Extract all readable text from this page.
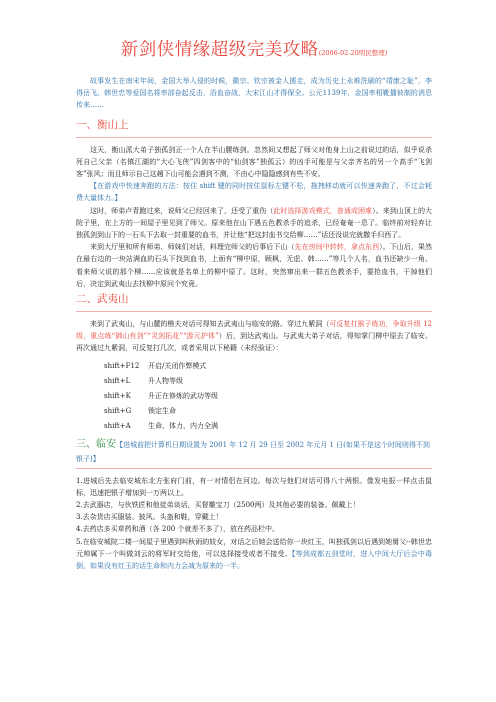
新剑侠情缘超级完美攻略(2006-02-20明民整理)

故事发生在南宋年间，金国大举入侵的时候，徽宗、钦宗被金人掳走，成为历史上永难洗刷的“靖康之耻”，李得岳飞、韩世忠等爱国名将率部奋起反击，浴血奋战，大宋江山才得保全。公元1139年，金国率相靴播彼制的消息传来……

一、衡山上

这天，衡山派大弟子独孤剑正一个人在半山腰练剑。忽然间又想起了师父对他身上山之前说过的话，似乎说杀死自己父亲（名镇江湖的“大心飞侠”四剑客中的“仙剑客”独孤云）的凶手可能是与父亲齐名的另一个高手“飞剑客”张风；而且师示自己这趟下山可能会遇到不测，不由心中隐隐感到有些不安。

【在游戏中快速奔跑的方法：按住 shift 键的同时按住鼠标左键不松，拖拽移动就可以快速奔跑了，不过会耗费大量体力。】

这时，师弟卢青跑过来，说师父已经回来了，还受了重伤（此时选择游戏模式，普通或困难）。来到山顶上的大院子里，在上方的一间屋子里见到了师父。原来他在山下遇五色教杀手的追杀，已经奄奄一息了。临终前对轻弃让独孤剑到山下的一石头下去取一封重要的血书，并让他“把这封血书交给柳……”话还没说完就撒手归西了。

来到大厅里和所有师弟、师妹们对话，料理完师父的后事后下山（先在房间中转转，拿点东西）。下山后，果然在最右边的一块站满血的石头下找到血书，上面有“柳中原，顾枫，无虑、韩……”等几个人名，血书还缺少一角。看来师父说的那个柳……应该就是名单上的柳中原了。这时，突然窜出来一群五色教杀手，要抢血书，干掉他们后，决定到武夷山去找柳中原问个究竟。

二、武夷山

来到了武夷山，与山麓的樵夫对话可得知去武夷山与临安的路。穿过九紫洞（可反复打猴子练功，争取升级 12 级，重点练“御山有剑”“灵剑拓花”“游元护体”）后，到达武夷山。与武夷大弟子对话，得知掌门柳中原去了临安。再次通过九紫洞，可反复打几次，或者采用以下秘籍（未经验证）：

shift+F12	开启/关闭作弊模式
shift+L	升人物等级
shift+K	升正在修炼的武功等级
shift+G	锁定生命
shift+A	生命、体力，内力全满
三、临安【进城前把计算机日期设置为 2001 年 12 月 29 日至 2002 年元月 1 日(如果不是这个时间则得不到银子)】

1.进城后先去临安城东北方张府门前，有一对情侣在河边。每次与他们对话可得八十两银。像发电报一样点击鼠标，迅速把银子增加到一万两以上。

2.去武器店，与伙铁匠和他徒弟谈话，买督雕宝刀（2500两）及其他必要的装备。佩戴上！

3.去杂货店买服装、披风、头盔和鞋，穿戴上！

4.去药店多买草药和酒（各 200 个就差不多了），放在药品栏中。

5.在临安城院二楼一间屋子里遇到叫秋雨的妓女，对话之后她会送给你一块红玉，叫独孤剑以后遇到她舅父--韩世忠元帅属下一个叫做刘云的将军时交给他，可以选择接受或者不接受。【等到成都五剑堂时，进入中间大厅后会中毒倒，如果没有红玉的话生命和内力会减为原来的一半。
